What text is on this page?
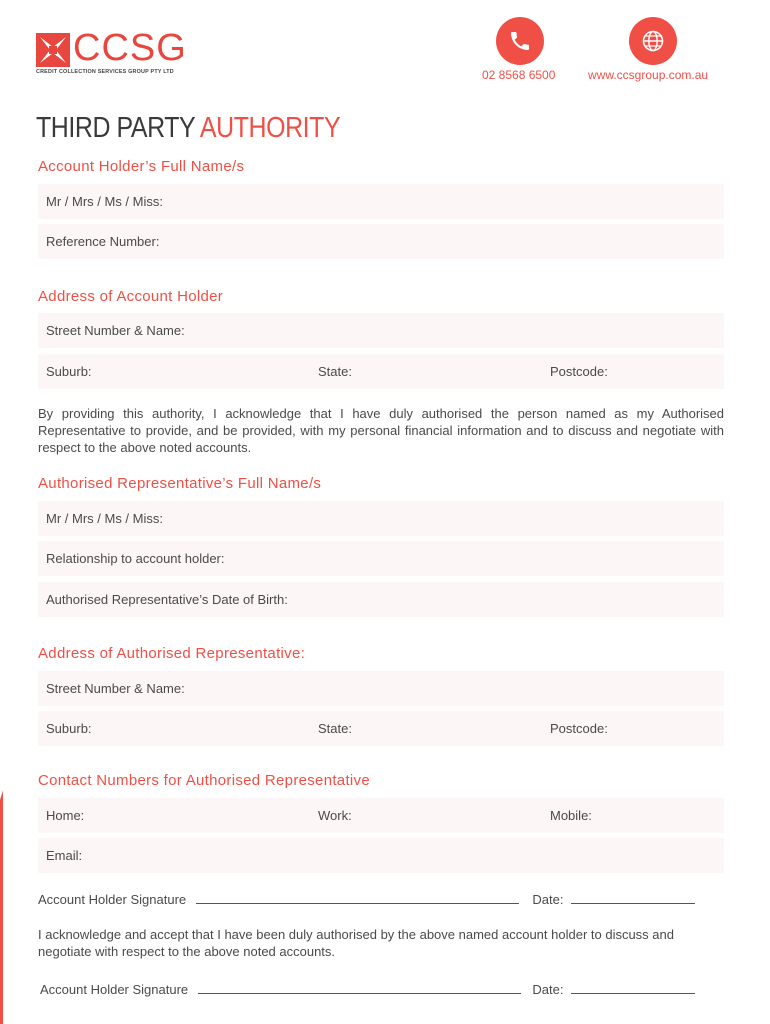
CCSG
CREDIT COLLECTION SERVICES GROUP PTY LTD	02 8568 6500	www.ccsgroup.com.au
THIRD PARTY AUTHORITY
Account Holder’s Full Name/s
Mr / Mrs / Ms / Miss:
Reference Number:
Address of Account Holder
Street Number & Name:
Suburb:	State:	Postcode:
By providing this authority, I acknowledge that I have duly authorised the person named as my Authorised Representative to provide, and be provided, with my personal financial information and to discuss and negotiate with respect to the above noted accounts.
Authorised Representative’s Full Name/s
Mr / Mrs / Ms / Miss:
Relationship to account holder:
Authorised Representative’s Date of Birth:
Address of Authorised Representative:
Street Number & Name:
Suburb:	State:	Postcode:
Contact Numbers for Authorised Representative
Home:	Work:	Mobile:
Email:
Account Holder Signature	Date:
I acknowledge and accept that I have been duly authorised by the above named account holder to discuss and negotiate with respect to the above noted accounts.
Account Holder Signature	Date:
